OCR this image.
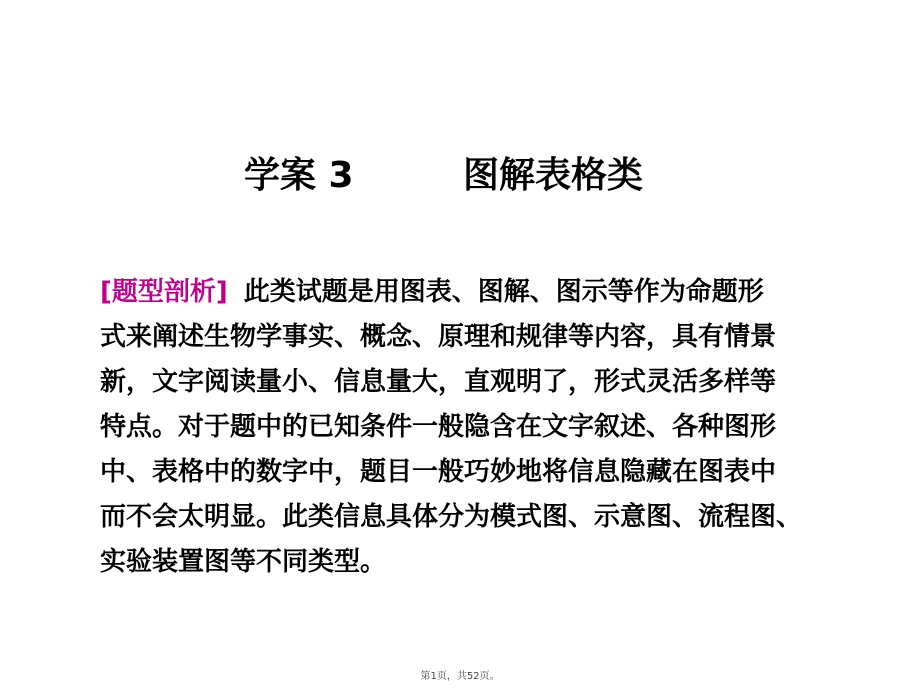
学案 3	图解表格类
[题型剖析] 此类试题是用图表、图解、图示等作为命题形
式来阐述生物学事实、概念、原理和规律等内容，具有情景
新，文字阅读量小、信息量大，直观明了，形式灵活多样等
特点。对于题中的已知条件一般隐含在文字叙述、各种图形
中、表格中的数字中，题目一般巧妙地将信息隐藏在图表中
而不会太明显。此类信息具体分为模式图、示意图、流程图、
实验装置图等不同类型。
第1页，共52页。
